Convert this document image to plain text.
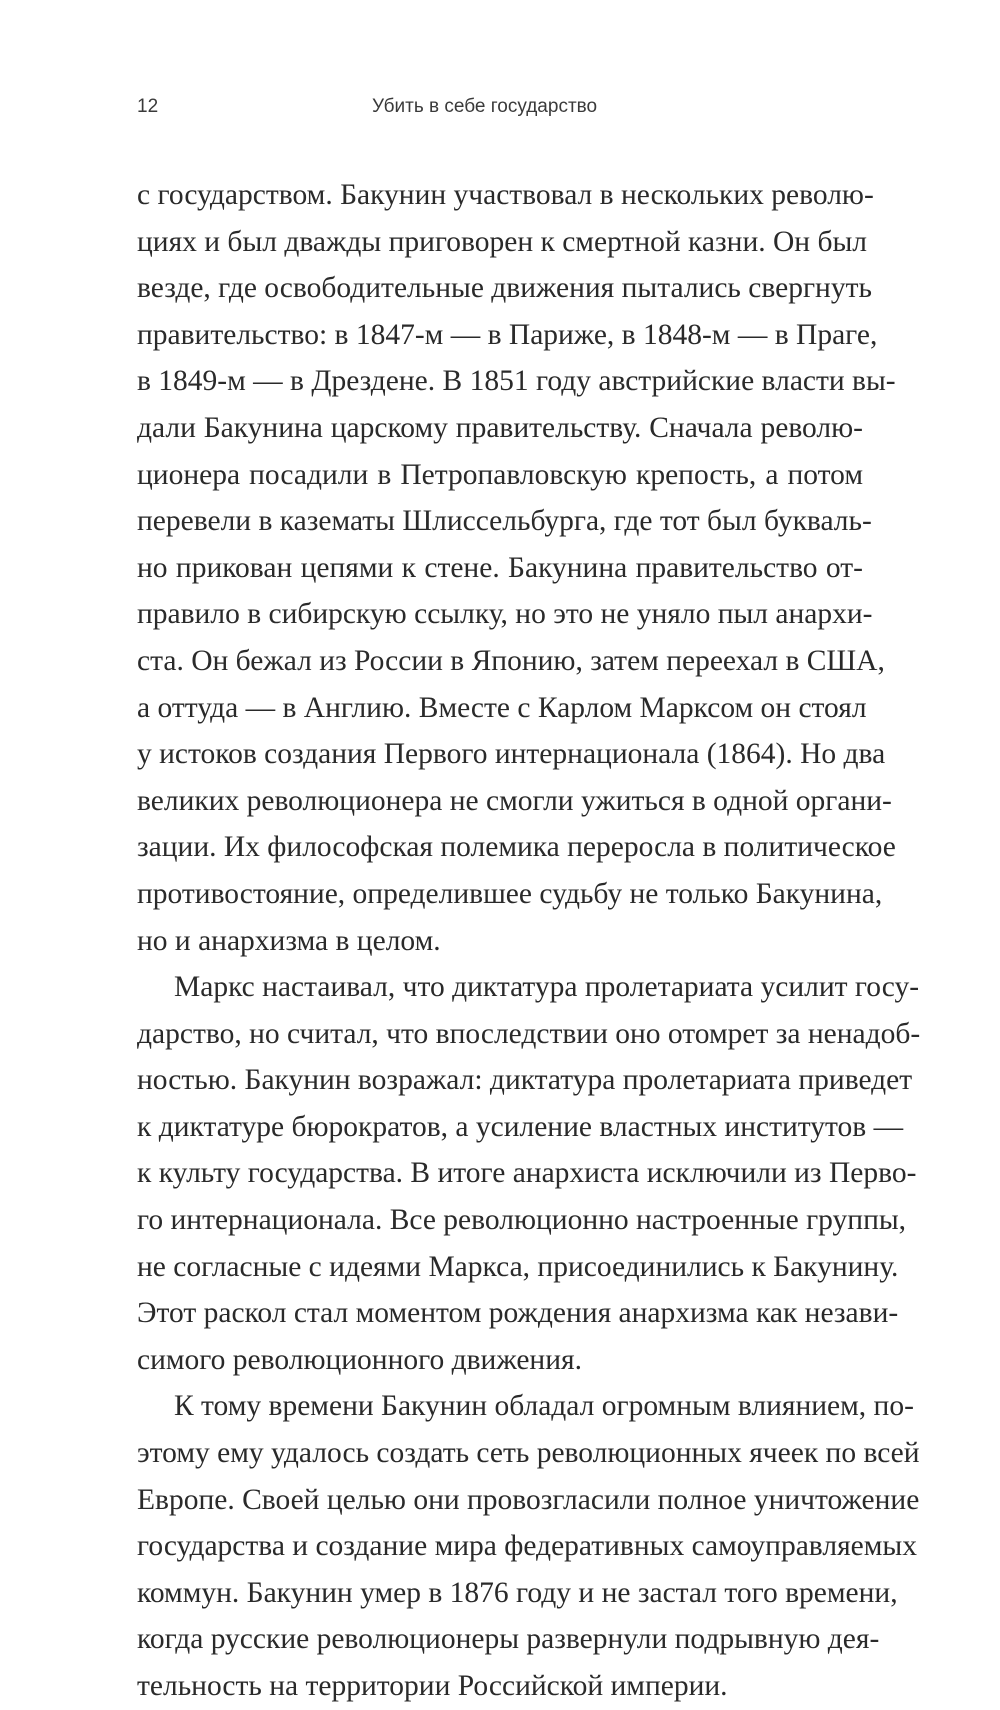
12	Убить в себе государство
с государством. Бакунин участвовал в нескольких револю-
циях и был дважды приговорен к смертной казни. Он был
везде, где освободительные движения пытались свергнуть
правительство: в 1847-м — в Париже, в 1848-м — в Праге,
в 1849-м — в Дрездене. В 1851 году австрийские власти вы-
дали Бакунина царскому правительству. Сначала револю-
ционера посадили в Петропавловскую крепость, а потом
перевели в казематы Шлиссельбурга, где тот был букваль-
но прикован цепями к стене. Бакунина правительство от-
правило в сибирскую ссылку, но это не уняло пыл анархи-
ста. Он бежал из России в Японию, затем переехал в США,
а оттуда — в Англию. Вместе с Карлом Марксом он стоял
у истоков создания Первого интернационала (1864). Но два
великих революционера не смогли ужиться в одной органи-
зации. Их философская полемика переросла в политическое
противостояние, определившее судьбу не только Бакунина,
но и анархизма в целом.
Маркс настаивал, что диктатура пролетариата усилит госу-
дарство, но считал, что впоследствии оно отомрет за ненадоб-
ностью. Бакунин возражал: диктатура пролетариата приведет
к диктатуре бюрократов, а усиление властных институтов —
к культу государства. В итоге анархиста исключили из Перво-
го интернационала. Все революционно настроенные группы,
не согласные с идеями Маркса, присоединились к Бакунину.
Этот раскол стал моментом рождения анархизма как незави-
симого революционного движения.
К тому времени Бакунин обладал огромным влиянием, по-
этому ему удалось создать сеть революционных ячеек по всей
Европе. Своей целью они провозгласили полное уничтожение
государства и создание мира федеративных самоуправляемых
коммун. Бакунин умер в 1876 году и не застал того времени,
когда русские революционеры развернули подрывную дея-
тельность на территории Российской империи.
